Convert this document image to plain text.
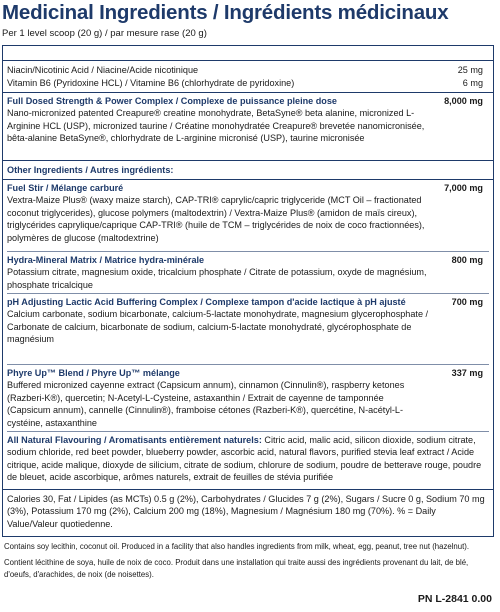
Medicinal Ingredients / Ingrédients médicinaux
Per 1 level scoop (20 g) / par mesure rase (20 g)
Niacin/Nicotinic Acid / Niacine/Acide nicotinique	25 mg
Vitamin B6 (Pyridoxine HCL) / Vitamine B6 (chlorhydrate de pyridoxine)	6 mg
Full Dosed Strength & Power Complex / Complexe de puissance pleine dose	8,000 mg
Nano-micronized patented Creapure® creatine monohydrate, BetaSyne® beta alanine, micronized L-Arginine HCL (USP), micronized taurine / Créatine monohydratée Creapure® brevetée nanomicronisée, bêta-alanine BetaSyne®, chlorhydrate de L-arginine micronisé (USP), taurine micronisée
Other Ingredients / Autres ingrédients:
Fuel Stir / Mélange carburé	7,000 mg
Vextra-Maize Plus® (waxy maize starch), CAP-TRI® caprylic/capric triglyceride (MCT Oil – fractionated coconut triglycerides), glucose polymers (maltodextrin) / Vextra-Maize Plus® (amidon de maïs cireux), triglycérides caprylique/caprique CAP-TRI® (huile de TCM – triglycérides de noix de coco fractionnées), polymères de glucose (maltodextrine)
Hydra-Mineral Matrix / Matrice hydra-minérale	800 mg
Potassium citrate, magnesium oxide, tricalcium phosphate / Citrate de potassium, oxyde de magnésium, phosphate tricalcique
pH Adjusting Lactic Acid Buffering Complex / Complexe tampon d'acide lactique à pH ajusté	700 mg
Calcium carbonate, sodium bicarbonate, calcium-5-lactate monohydrate, magnesium glycerophosphate / Carbonate de calcium, bicarbonate de sodium, calcium-5-lactate monohydraté, glycérophosphate de magnésium
Phyre Up™ Blend / Phyre Up™ mélange	337 mg
Buffered micronized cayenne extract (Capsicum annum), cinnamon (Cinnulin®), raspberry ketones (Razberi-K®), quercetin; N-Acetyl-L-Cysteine, astaxanthin / Extrait de cayenne de tamponnée (Capsicum annum), cannelle (Cinnulin®), framboise cétones (Razberi-K®), quercétine, N-acétyl-L-cystéine, astaxanthine
All Natural Flavouring / Aromatisants entièrement naturels: Citric acid, malic acid, silicon dioxide, sodium citrate, sodium chloride, red beet powder, blueberry powder, ascorbic acid, natural flavors, purified stevia leaf extract / Acide citrique, acide malique, dioxyde de silicium, citrate de sodium, chlorure de sodium, poudre de betterave rouge, poudre de bleuet, acide ascorbique, arômes naturels, extrait de feuilles de stévia purifiée
Calories 30, Fat / Lipides (as MCTs) 0.5 g (2%), Carbohydrates / Glucides 7 g (2%), Sugars / Sucre 0 g, Sodium 70 mg (3%), Potassium 170 mg (2%), Calcium 200 mg (18%), Magnesium / Magnésium 180 mg (70%). % = Daily Value/Valeur quotiedenne.
Contains soy lecithin, coconut oil. Produced in a facility that also handles ingredients from milk, wheat, egg, peanut, tree nut (hazelnut).
Contient lécithine de soya, huile de noix de coco. Produit dans une installation qui traite aussi des ingrédients provenant du lait, de blé, d'oeufs, d'arachides, de noix (de noisettes).
PN L-2841 0.00
